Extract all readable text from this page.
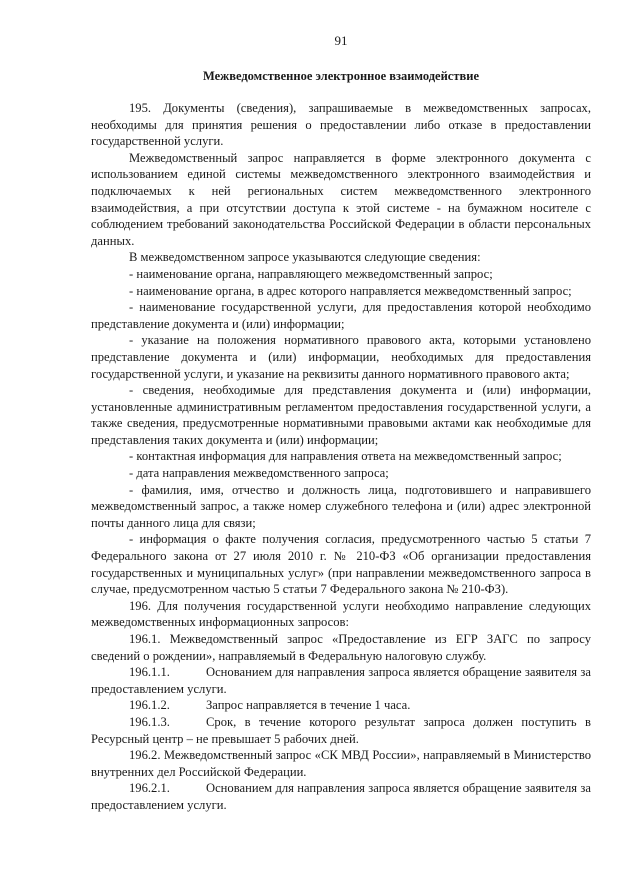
91
Межведомственное электронное взаимодействие

195. Документы (сведения), запрашиваемые в межведомственных запросах, необходимы для принятия решения о предоставлении либо отказе в предоставлении государственной услуги.

Межведомственный запрос направляется в форме электронного документа с использованием единой системы межведомственного электронного взаимодействия и подключаемых к ней региональных систем межведомственного электронного взаимодействия, а при отсутствии доступа к этой системе - на бумажном носителе с соблюдением требований законодательства Российской Федерации в области персональных данных.

В межведомственном запросе указываются следующие сведения:

- наименование органа, направляющего межведомственный запрос;

- наименование органа, в адрес которого направляется межведомственный запрос;

- наименование государственной услуги, для предоставления которой необходимо представление документа и (или) информации;

- указание на положения нормативного правового акта, которыми установлено представление документа и (или) информации, необходимых для предоставления государственной услуги, и указание на реквизиты данного нормативного правового акта;

- сведения, необходимые для представления документа и (или) информации, установленные административным регламентом предоставления государственной услуги, а также сведения, предусмотренные нормативными правовыми актами как необходимые для представления таких документа и (или) информации;

- контактная информация для направления ответа на межведомственный запрос;

- дата направления межведомственного запроса;

- фамилия, имя, отчество и должность лица, подготовившего и направившего межведомственный запрос, а также номер служебного телефона и (или) адрес электронной почты данного лица для связи;

- информация о факте получения согласия, предусмотренного частью 5 статьи 7 Федерального закона от 27 июля 2010 г. № 210-ФЗ «Об организации предоставления государственных и муниципальных услуг» (при направлении межведомственного запроса в случае, предусмотренном частью 5 статьи 7 Федерального закона № 210-ФЗ).

196. Для получения государственной услуги необходимо направление следующих межведомственных информационных запросов:

196.1. Межведомственный запрос «Предоставление из ЕГР ЗАГС по запросу сведений о рождении», направляемый в Федеральную налоговую службу.

196.1.1.	Основанием для направления запроса является обращение заявителя за предоставлением услуги.

196.1.2.	Запрос направляется в течение 1 часа.

196.1.3.	Срок, в течение которого результат запроса должен поступить в Ресурсный центр – не превышает 5 рабочих дней.

196.2. Межведомственный запрос «СК МВД России», направляемый в Министерство внутренних дел Российской Федерации.

196.2.1.	Основанием для направления запроса является обращение заявителя за предоставлением услуги.
